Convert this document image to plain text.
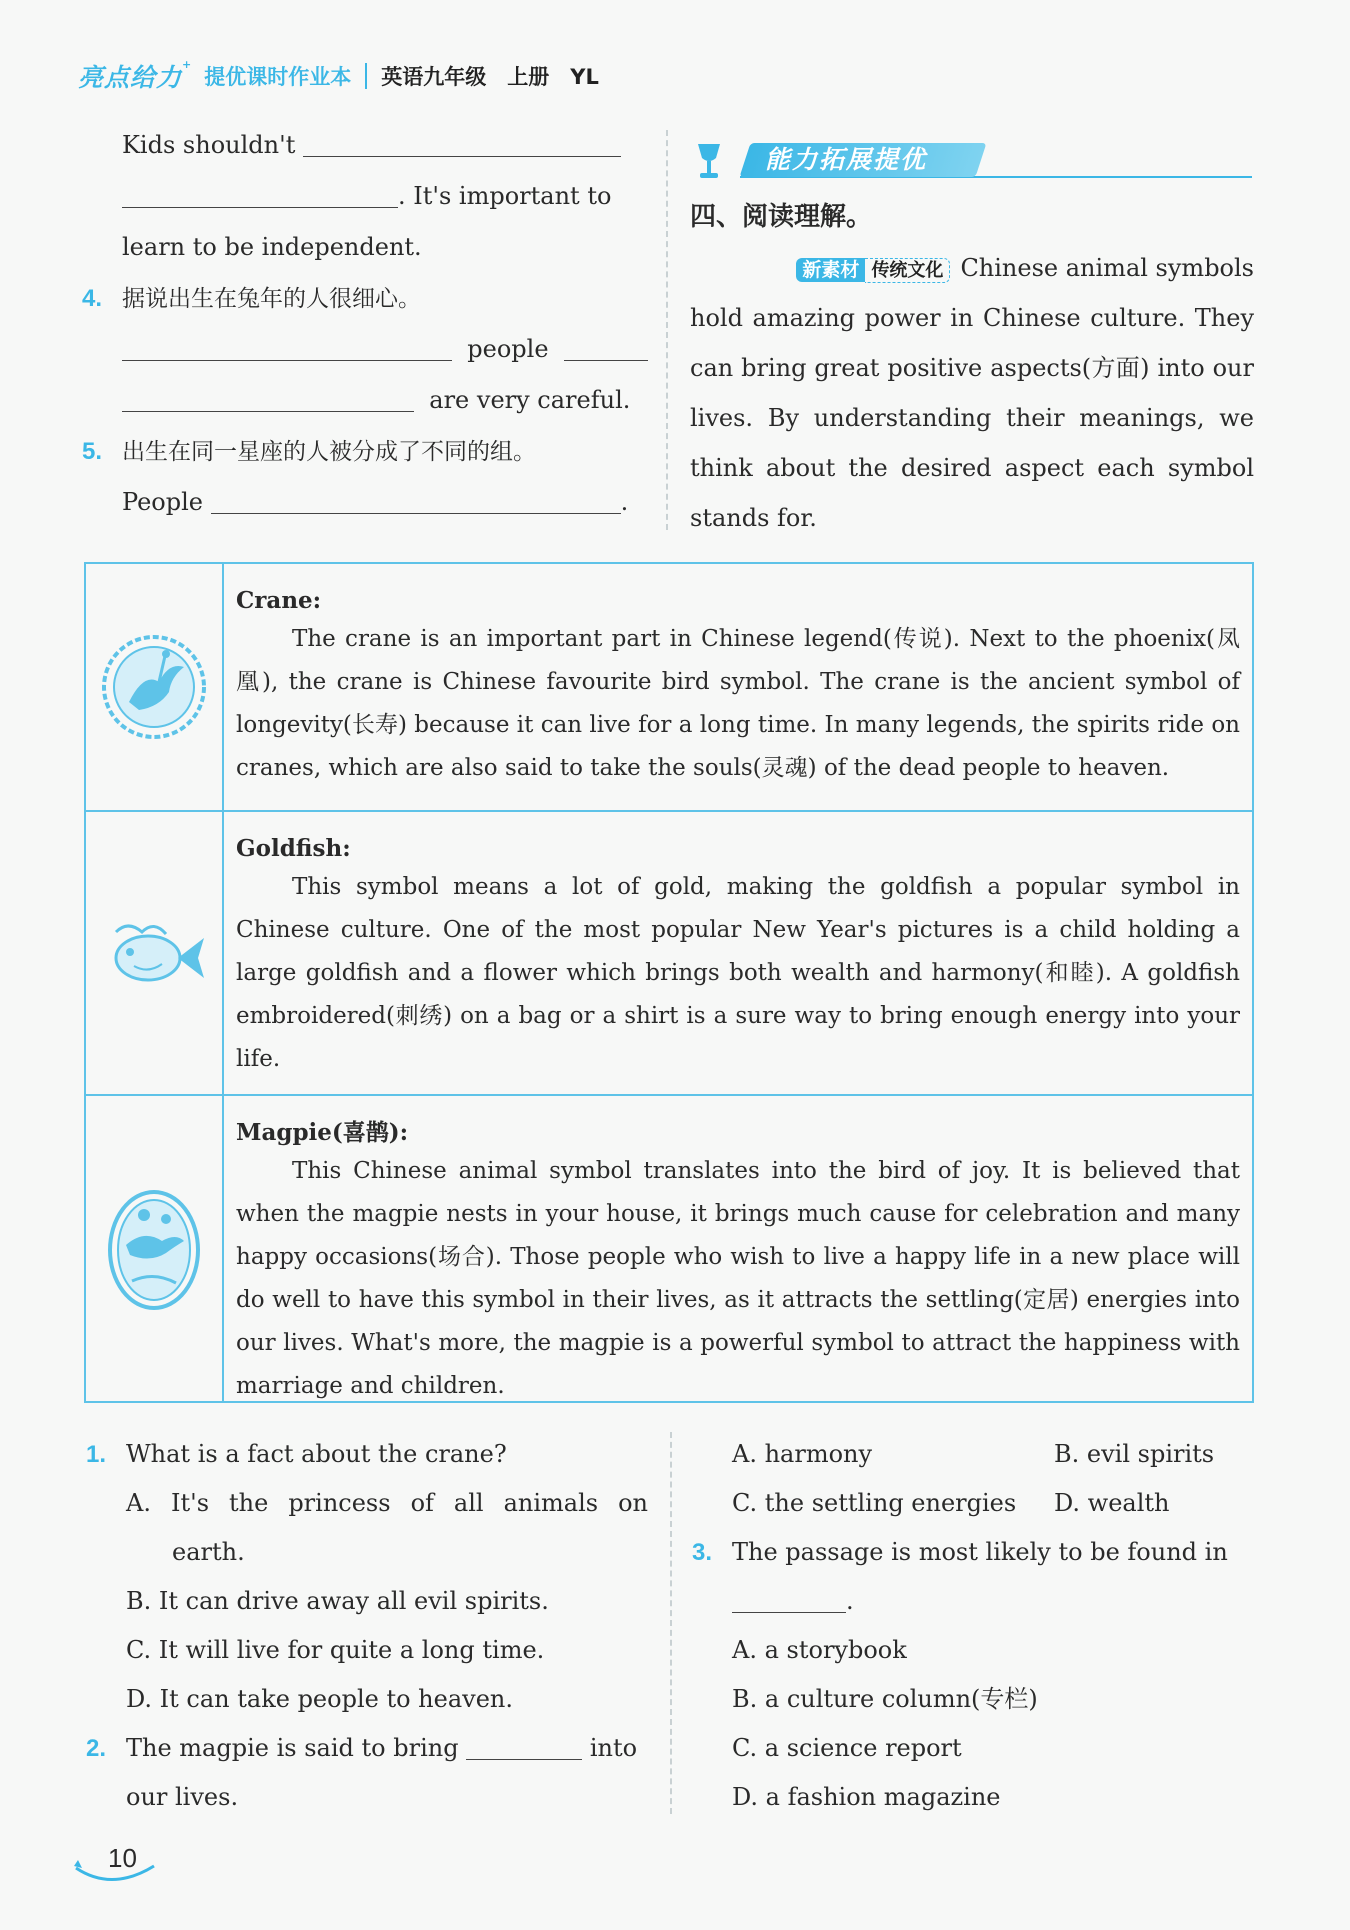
亮点给力+
提优课时作业本 英语九年级　上册　YL
Kids shouldn't
. It's important to
learn to be independent.
4. 据说出生在兔年的人很细心。
people
are very careful.
5. 出生在同一星座的人被分成了不同的组。
People	.
能力拓展提优
四、阅读理解。
新素材 传统文化 Chinese animal symbols
hold amazing power in Chinese culture. They
can bring great positive aspects(方面) into our
lives. By understanding their meanings, we
think about the desired aspect each symbol
stands for.
Crane:
The crane is an important part in Chinese legend(传说). Next to the phoenix(凤凰), the crane is Chinese favourite bird symbol. The crane is the ancient symbol of longevity(长寿) because it can live for a long time. In many legends, the spirits ride on cranes, which are also said to take the souls(灵魂) of the dead people to heaven.
Goldfish:
This symbol means a lot of gold, making the goldfish a popular symbol in Chinese culture. One of the most popular New Year's pictures is a child holding a large goldfish and a flower which brings both wealth and harmony(和睦). A goldfish embroidered(刺绣) on a bag or a shirt is a sure way to bring enough energy into your life.
Magpie(喜鹊):
This Chinese animal symbol translates into the bird of joy. It is believed that when the magpie nests in your house, it brings much cause for celebration and many happy occasions(场合). Those people who wish to live a happy life in a new place will do well to have this symbol in their lives, as it attracts the settling(定居) energies into our lives. What's more, the magpie is a powerful symbol to attract the happiness with marriage and children.
1. What is a fact about the crane?
A. It's the princess of all animals on
earth.
B. It can drive away all evil spirits.
C. It will live for quite a long time.
D. It can take people to heaven.
2. The magpie is said to bring	into
our lives.
A. harmony	B. evil spirits
C. the settling energies D. wealth
3. The passage is most likely to be found in
.
A. a storybook
B. a culture column(专栏)
C. a science report
D. a fashion magazine
10
